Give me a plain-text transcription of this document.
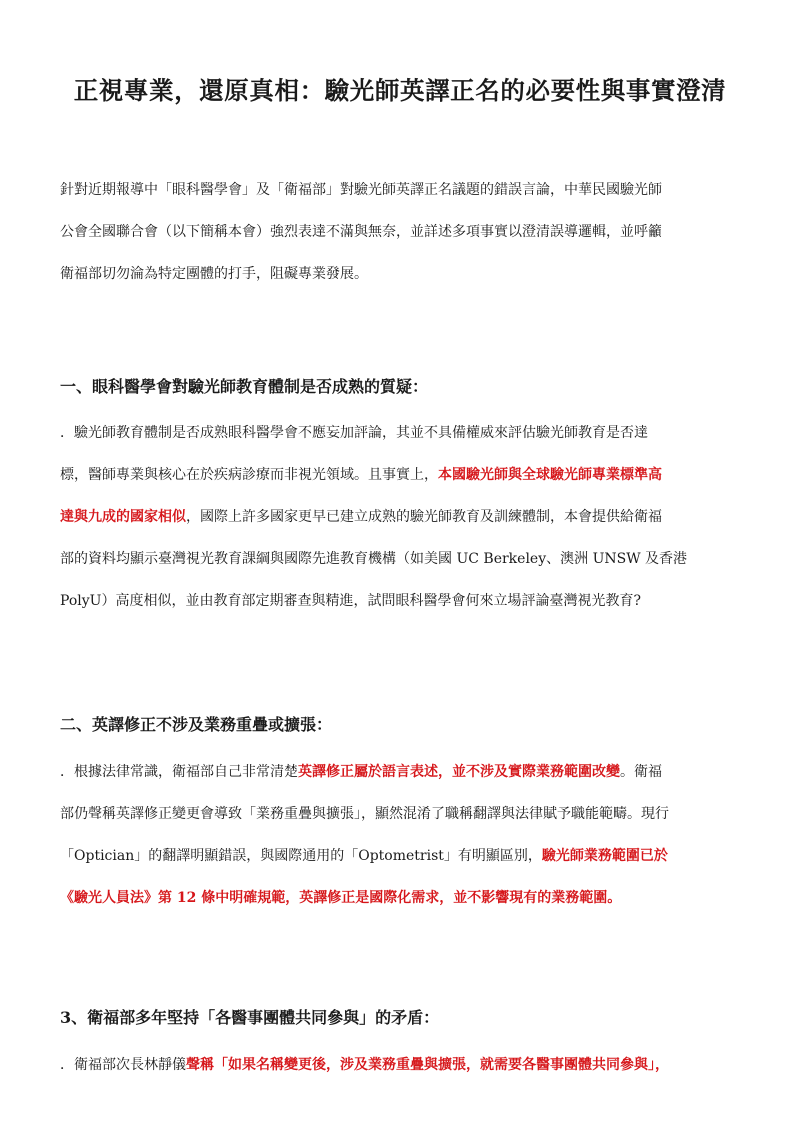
正視專業，還原真相：驗光師英譯正名的必要性與事實澄清
針對近期報導中「眼科醫學會」及「衛福部」對驗光師英譯正名議題的錯誤言論，中華民國驗光師
公會全國聯合會（以下簡稱本會）強烈表達不滿與無奈，並詳述多項事實以澄清誤導邏輯，並呼籲
衛福部切勿淪為特定團體的打手，阻礙專業發展。
一、眼科醫學會對驗光師教育體制是否成熟的質疑：
．驗光師教育體制是否成熟眼科醫學會不應妄加評論，其並不具備權威來評估驗光師教育是否達
標，醫師專業與核心在於疾病診療而非視光領域。且事實上，本國驗光師與全球驗光師專業標準高
達與九成的國家相似，國際上許多國家更早已建立成熟的驗光師教育及訓練體制，本會提供給衛福
部的資料均顯示臺灣視光教育課綱與國際先進教育機構（如美國 UC Berkeley、澳洲 UNSW 及香港
PolyU）高度相似，並由教育部定期審查與精進，試問眼科醫學會何來立場評論臺灣視光教育?
二、英譯修正不涉及業務重疊或擴張：
．根據法律常識，衛福部自己非常清楚英譯修正屬於語言表述，並不涉及實際業務範圍改變。衛福
部仍聲稱英譯修正變更會導致「業務重疊與擴張」，顯然混淆了職稱翻譯與法律賦予職能範疇。現行
「Optician」的翻譯明顯錯誤，與國際通用的「Optometrist」有明顯區別，驗光師業務範圍已於
《驗光人員法》第 12 條中明確規範，英譯修正是國際化需求，並不影響現有的業務範圍。
3、衛福部多年堅持「各醫事團體共同參與」的矛盾：
．衛福部次長林靜儀聲稱「如果名稱變更後，涉及業務重疊與擴張，就需要各醫事團體共同參與」，
